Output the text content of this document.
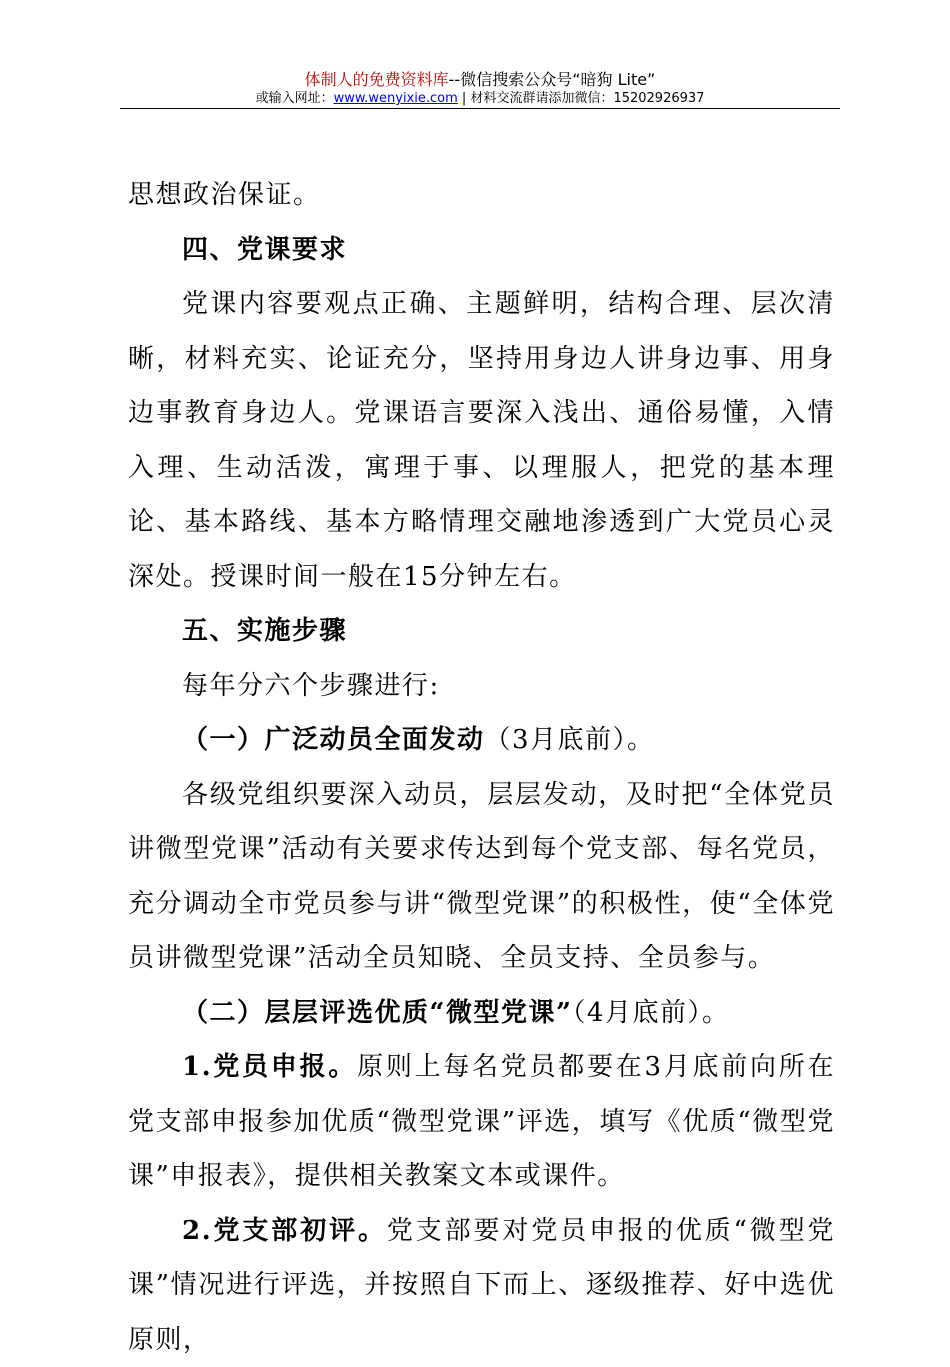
体制人的免费资料库--微信搜索公众号“暗狗 Lite”
或输入网址：www.wenyixie.com | 材料交流群请添加微信：15202926937

思想政治保证。

四、党课要求

党课内容要观点正确、主题鲜明，结构合理、层次清晰，材料充实、论证充分，坚持用身边人讲身边事、用身边事教育身边人。党课语言要深入浅出、通俗易懂，入情入理、生动活泼，寓理于事、以理服人，把党的基本理论、基本路线、基本方略情理交融地渗透到广大党员心灵深处。授课时间一般在15分钟左右。

五、实施步骤

每年分六个步骤进行:

（一）广泛动员全面发动（3月底前）。

各级党组织要深入动员，层层发动，及时把“全体党员讲微型党课”活动有关要求传达到每个党支部、每名党员，充分调动全市党员参与讲“微型党课”的积极性，使“全体党员讲微型党课”活动全员知晓、全员支持、全员参与。

（二）层层评选优质“微型党课”（4月底前）。

1.党员申报。原则上每名党员都要在3月底前向所在党支部申报参加优质“微型党课”评选，填写《优质“微型党课”申报表》，提供相关教案文本或课件。

2.党支部初评。党支部要对党员申报的优质“微型党课”情况进行评选，并按照自下而上、逐级推荐、好中选优原则，
